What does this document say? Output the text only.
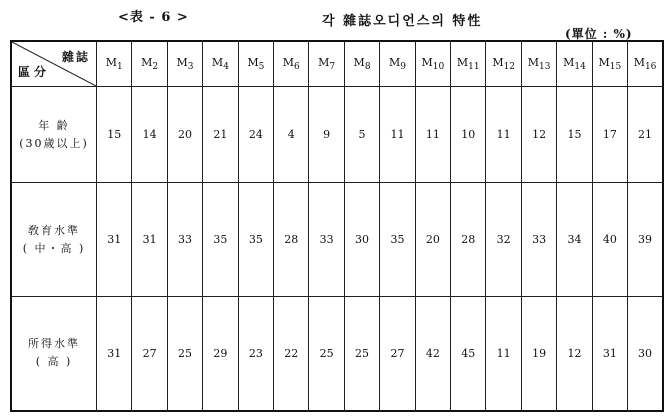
<表 - 6 >	각 雜誌오디언스의 特性
(單位 : %)
雜誌
區分	$M_1$	$M_2$	$M_3$	$M_4$	$M_5$	$M_6$	$M_7$	$M_8$	$M_9$	$M_{10}$	$M_{11}$	$M_{12}$	$M_{13}$	$M_{14}$	$M_{15}$	$M_{16}$

年 齡
(30歲以上)	15	14	20	21	24	4	9	5	11	11	10	11	12	15	17	21

敎育水準
( 中・高 )	31	31	33	35	35	28	33	30	35	20	28	32	33	34	40	39

所得水準
( 高 )	31	27	25	29	23	22	25	25	27	42	45	11	19	12	31	30
